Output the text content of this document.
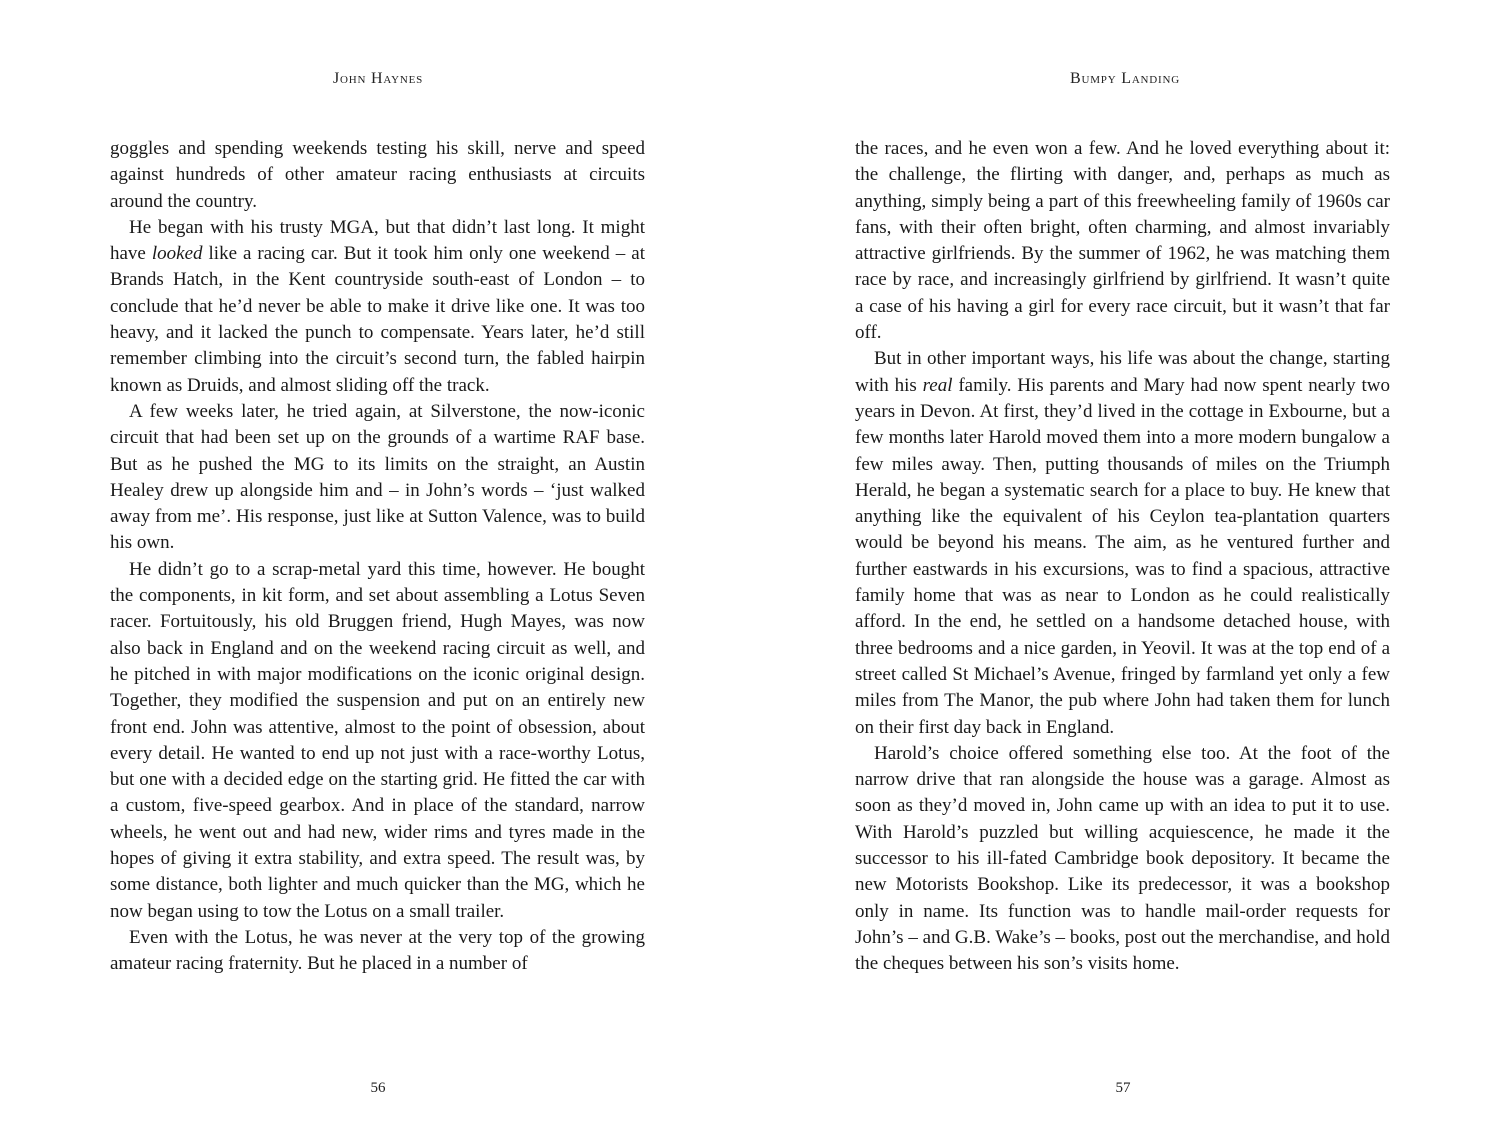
John Haynes

goggles and spending weekends testing his skill, nerve and speed against hundreds of other amateur racing enthusiasts at circuits around the country.

He began with his trusty MGA, but that didn’t last long. It might have looked like a racing car. But it took him only one weekend – at Brands Hatch, in the Kent countryside south-east of London – to conclude that he’d never be able to make it drive like one. It was too heavy, and it lacked the punch to compensate. Years later, he’d still remember climbing into the circuit’s second turn, the fabled hairpin known as Druids, and almost sliding off the track.

A few weeks later, he tried again, at Silverstone, the now-iconic circuit that had been set up on the grounds of a wartime RAF base. But as he pushed the MG to its limits on the straight, an Austin Healey drew up alongside him and – in John’s words – ‘just walked away from me’. His response, just like at Sutton Valence, was to build his own.

He didn’t go to a scrap-metal yard this time, however. He bought the components, in kit form, and set about assembling a Lotus Seven racer. Fortuitously, his old Bruggen friend, Hugh Mayes, was now also back in England and on the weekend racing circuit as well, and he pitched in with major modifications on the iconic original design. Together, they modified the suspension and put on an entirely new front end. John was attentive, almost to the point of obsession, about every detail. He wanted to end up not just with a race-worthy Lotus, but one with a decided edge on the starting grid. He fitted the car with a custom, five-speed gearbox. And in place of the standard, narrow wheels, he went out and had new, wider rims and tyres made in the hopes of giving it extra stability, and extra speed. The result was, by some distance, both lighter and much quicker than the MG, which he now began using to tow the Lotus on a small trailer.

Even with the Lotus, he was never at the very top of the growing amateur racing fraternity. But he placed in a number of

56
Bumpy Landing

the races, and he even won a few. And he loved everything about it: the challenge, the flirting with danger, and, perhaps as much as anything, simply being a part of this freewheeling family of 1960s car fans, with their often bright, often charming, and almost invariably attractive girlfriends. By the summer of 1962, he was matching them race by race, and increasingly girlfriend by girlfriend. It wasn’t quite a case of his having a girl for every race circuit, but it wasn’t that far off.

But in other important ways, his life was about the change, starting with his real family. His parents and Mary had now spent nearly two years in Devon. At first, they’d lived in the cottage in Exbourne, but a few months later Harold moved them into a more modern bungalow a few miles away. Then, putting thousands of miles on the Triumph Herald, he began a systematic search for a place to buy. He knew that anything like the equivalent of his Ceylon tea-plantation quarters would be beyond his means. The aim, as he ventured further and further eastwards in his excursions, was to find a spacious, attractive family home that was as near to London as he could realistically afford. In the end, he settled on a handsome detached house, with three bedrooms and a nice garden, in Yeovil. It was at the top end of a street called St Michael’s Avenue, fringed by farmland yet only a few miles from The Manor, the pub where John had taken them for lunch on their first day back in England.

Harold’s choice offered something else too. At the foot of the narrow drive that ran alongside the house was a garage. Almost as soon as they’d moved in, John came up with an idea to put it to use. With Harold’s puzzled but willing acquiescence, he made it the successor to his ill-fated Cambridge book depository. It became the new Motorists Bookshop. Like its predecessor, it was a bookshop only in name. Its function was to handle mail-order requests for John’s – and G.B. Wake’s – books, post out the merchandise, and hold the cheques between his son’s visits home.

57
